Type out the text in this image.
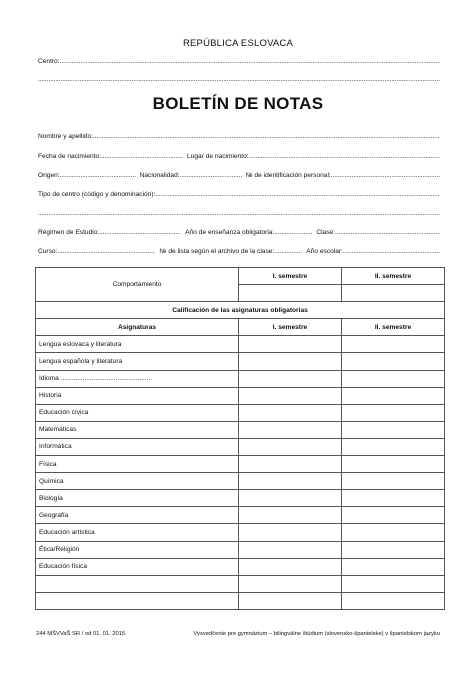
REPÚBLICA ESLOVACA
Centro:
.....
.....
BOLETÍN DE NOTAS
Nombre y apellido:
.....
Fecha de nacimiento: .....	Lugar de nacimiento:
.....
Origen: .....	Nacionalidad: .....	№ de identificación personal:
.....
Tipo de centro (código y denominación):
.....
.....
Régimen de Estudio: .....	Año de enseñanza obligatoria: .....	Clase:
.....
Curso: .....	№ de lista según el archivo de la clase: .....	Año escolar:
.....
Comportamiento	I. semestre	II. semestre

Calificación de las asignaturas obligatorias		
Asignaturas	I. semestre	II. semestre
Lengua eslovaca y literatura		
Lengua española y literatura		
Idioma ..................................................		
Historia		
Educación cívica		
Matemáticas		
Informática		
Física		
Química		
Biología		
Geografía		
Educación artística		
Ética/Religión		
Educación física		

244 MŠVVaŠ SR / od 01. 01. 2015	Vysvedčenie pre gymnázium – bilingválne štúdium (slovensko-španielske) v španielskom jazyku
